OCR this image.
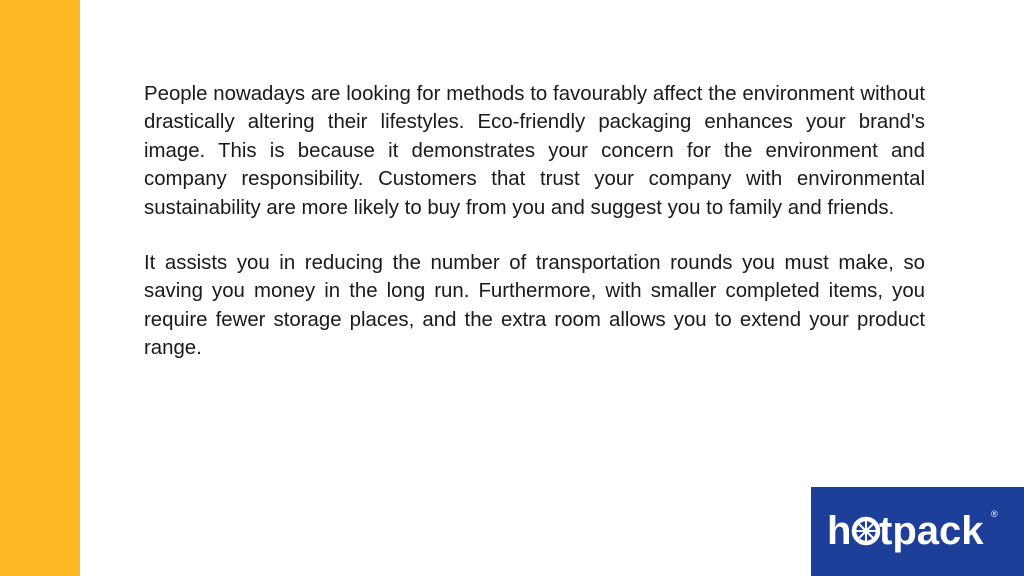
People nowadays are looking for methods to favourably affect the environment without drastically altering their lifestyles. Eco-friendly packaging enhances your brand's image. This is because it demonstrates your concern for the environment and company responsibility. Customers that trust your company with environmental sustainability are more likely to buy from you and suggest you to family and friends.

It assists you in reducing the number of transportation rounds you must make, so saving you money in the long run. Furthermore, with smaller completed items, you require fewer storage places, and the extra room allows you to extend your product range.

h tpack ®
